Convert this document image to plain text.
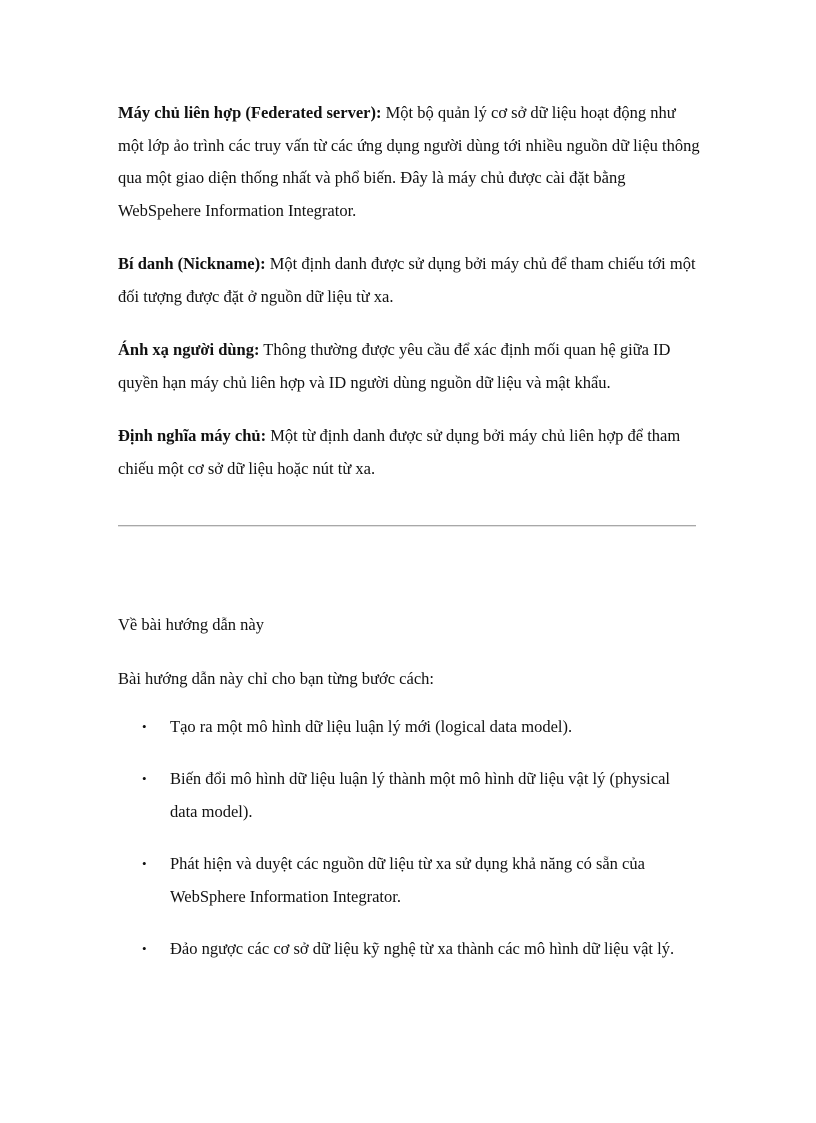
Máy chủ liên hợp (Federated server): Một bộ quản lý cơ sở dữ liệu hoạt động như một lớp ảo trình các truy vấn từ các ứng dụng người dùng tới nhiều nguồn dữ liệu thông qua một giao diện thống nhất và phổ biến. Đây là máy chủ được cài đặt bằng WebSpehere Information Integrator.

Bí danh (Nickname): Một định danh được sử dụng bởi máy chủ để tham chiếu tới một đối tượng được đặt ở nguồn dữ liệu từ xa.

Ánh xạ người dùng: Thông thường được yêu cầu để xác định mối quan hệ giữa ID quyền hạn máy chủ liên hợp và ID người dùng nguồn dữ liệu và mật khẩu.

Định nghĩa máy chủ: Một từ định danh được sử dụng bởi máy chủ liên hợp để tham chiếu một cơ sở dữ liệu hoặc nút từ xa.

Về bài hướng dẫn này

Bài hướng dẫn này chỉ cho bạn từng bước cách:

• Tạo ra một mô hình dữ liệu luận lý mới (logical data model).
• Biến đổi mô hình dữ liệu luận lý thành một mô hình dữ liệu vật lý (physical data model).
• Phát hiện và duyệt các nguồn dữ liệu từ xa sử dụng khả năng có sẵn của WebSphere Information Integrator.
• Đảo ngược các cơ sở dữ liệu kỹ nghệ từ xa thành các mô hình dữ liệu vật lý.
